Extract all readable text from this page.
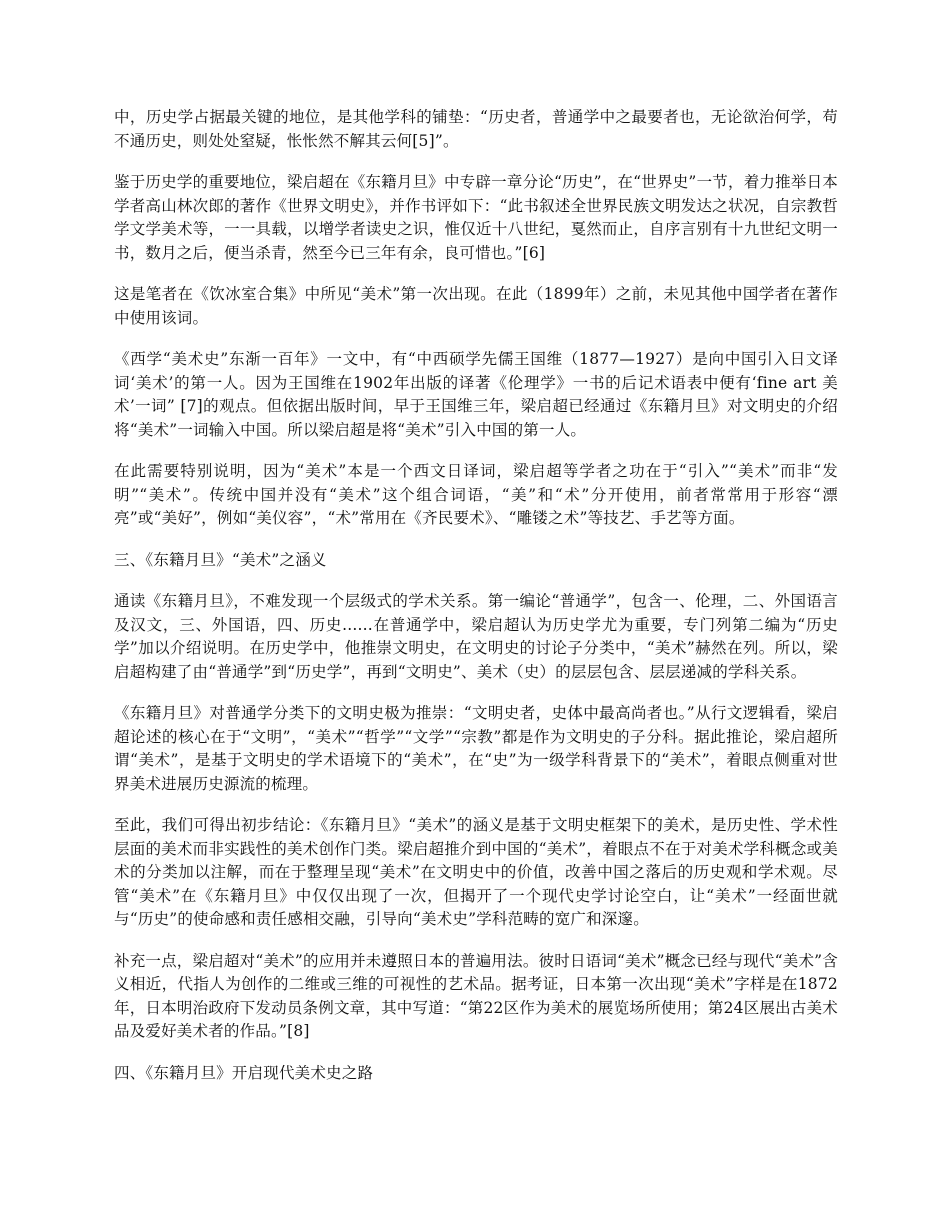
中，历史学占据最关键的地位，是其他学科的铺垫：“历史者，普通学中之最要者也，无论欲治何学，苟不通历史，则处处窒疑，怅怅然不解其云何[5]”。

鉴于历史学的重要地位，梁启超在《东籍月旦》中专辟一章分论“历史”，在“世界史”一节，着力推举日本学者高山林次郎的著作《世界文明史》，并作书评如下：“此书叙述全世界民族文明发达之状况，自宗教哲学文学美术等，一一具载，以增学者读史之识，惟仅近十八世纪，戛然而止，自序言别有十九世纪文明一书，数月之后，便当杀青，然至今已三年有余，良可惜也。”[6]

这是笔者在《饮冰室合集》中所见“美术”第一次出现。在此（1899年）之前，未见其他中国学者在著作中使用该词。

《西学“美术史”东渐一百年》一文中，有“中西硕学先儒王国维（1877—1927）是向中国引入日文译词‘美术’的第一人。因为王国维在1902年出版的译著《伦理学》一书的后记术语表中便有‘fine art 美术’一词” [7]的观点。但依据出版时间，早于王国维三年，梁启超已经通过《东籍月旦》对文明史的介绍将“美术”一词输入中国。所以梁启超是将“美术”引入中国的第一人。

在此需要特别说明，因为“美术”本是一个西文日译词，梁启超等学者之功在于“引入”“美术”而非“发明”“美术”。传统中国并没有“美术”这个组合词语，“美”和“术”分开使用，前者常常用于形容“漂亮”或“美好”，例如“美仪容”，“术”常用在《齐民要术》、“雕镂之术”等技艺、手艺等方面。

三、《东籍月旦》“美术”之涵义

通读《东籍月旦》，不难发现一个层级式的学术关系。第一编论“普通学”，包含一、伦理，二、外国语言及汉文，三、外国语，四、历史......在普通学中，梁启超认为历史学尤为重要，专门列第二编为“历史学”加以介绍说明。在历史学中，他推崇文明史，在文明史的讨论子分类中，“美术”赫然在列。所以，梁启超构建了由“普通学”到“历史学”，再到“文明史”、美术（史）的层层包含、层层递减的学科关系。

《东籍月旦》对普通学分类下的文明史极为推崇：“文明史者，史体中最高尚者也。”从行文逻辑看，梁启超论述的核心在于“文明”，“美术”“哲学”“文学”“宗教”都是作为文明史的子分科。据此推论，梁启超所谓“美术”，是基于文明史的学术语境下的“美术”，在“史”为一级学科背景下的“美术”，着眼点侧重对世界美术进展历史源流的梳理。

至此，我们可得出初步结论：《东籍月旦》“美术”的涵义是基于文明史框架下的美术，是历史性、学术性层面的美术而非实践性的美术创作门类。梁启超推介到中国的“美术”，着眼点不在于对美术学科概念或美术的分类加以注解，而在于整理呈现“美术”在文明史中的价值，改善中国之落后的历史观和学术观。尽管“美术”在《东籍月旦》中仅仅出现了一次，但揭开了一个现代史学讨论空白，让“美术”一经面世就与“历史”的使命感和责任感相交融，引导向“美术史”学科范畴的宽广和深邃。

补充一点，梁启超对“美术”的应用并未遵照日本的普遍用法。彼时日语词“美术”概念已经与现代“美术”含义相近，代指人为创作的二维或三维的可视性的艺术品。据考证，日本第一次出现“美术”字样是在1872年，日本明治政府下发动员条例文章，其中写道：“第22区作为美术的展览场所使用；第24区展出古美术品及爱好美术者的作品。”[8]

四、《东籍月旦》开启现代美术史之路
